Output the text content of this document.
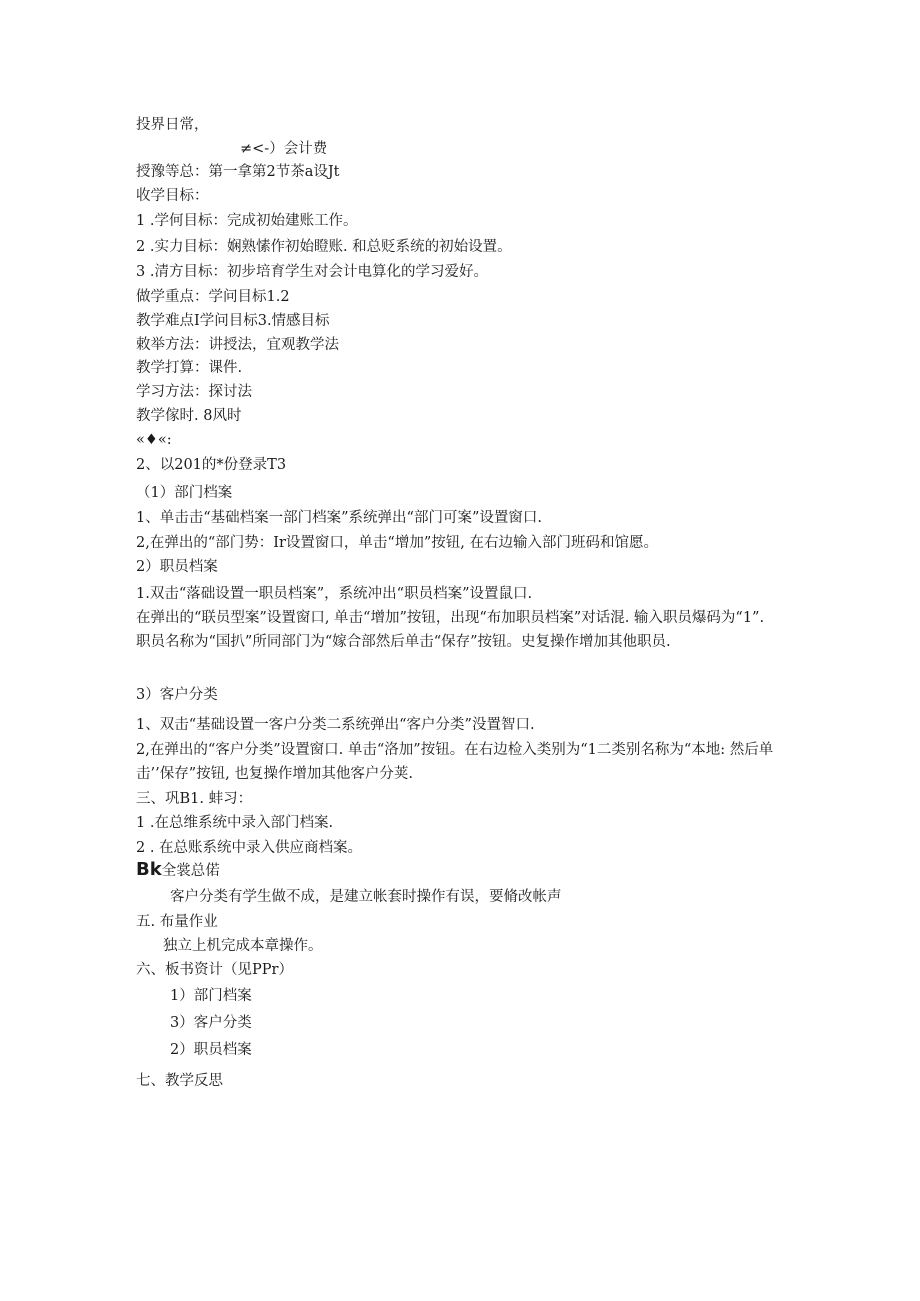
投界日常，
≠<-）会计费
授豫等总：第一拿第2节茶a设Jt
收学目标：
1 .学何目标：完成初始建账工作。
2 .实力目标：娴熟愫作初始瞪账. 和总贬系统的初始设置。
3 .清方目标：初步培育学生对会计电算化的学习爱好。
做学重点：学问目标1.2
教学难点I学问目标3.情感目标
敕举方法：讲授法，宜观教学法
教学打算：课件.
学习方法：探讨法
教学傢时. 8风时
«♦«:
2、以201的*份登录T3
（1）部门档案
1、单击击“基础档案一部门档案”系统弹出“部门可案”设置窗口.
2,在弹出的“部门势：Ir设置窗口，单击“增加”按钮, 在右边输入部门班码和馆愿。
2）职员档案
1.双击“落础设置一职员档案”，系统冲出“职员档案”设置鼠口.
在弹出的“联员型案”设置窗口, 单击“增加”按钮，出现“布加职员档案”对话混. 输入职员爆码为“1”. 职员名称为“国扒”所同部门为“嫁合部然后单击“保存”按钮。史复操作增加其他职员.
3）客户分类
1、双击“基础设置一客户分类二系统弹出“客户分类”没置智口.
2,在弹出的“客户分类”设置窗口. 单击“洛加”按钮。在右边检入类别为“1二类别名称为“本地: 然后单击’’保存”按钮, 也复操作增加其他客户分荚.
三、巩B1. 蚌习：
1 .在总维系统中录入部门档案.
2 . 在总账系统中录入供应商档案。
Bk全裳总偌
客户分类有学生做不成，是建立帐套时操作有误，要脩改帐声
五. 布量作业
独立上机完成本章操作。
六、板书资计（见PPr）
1）部门档案
3）客户分类
2）职员档案
七、教学反思
